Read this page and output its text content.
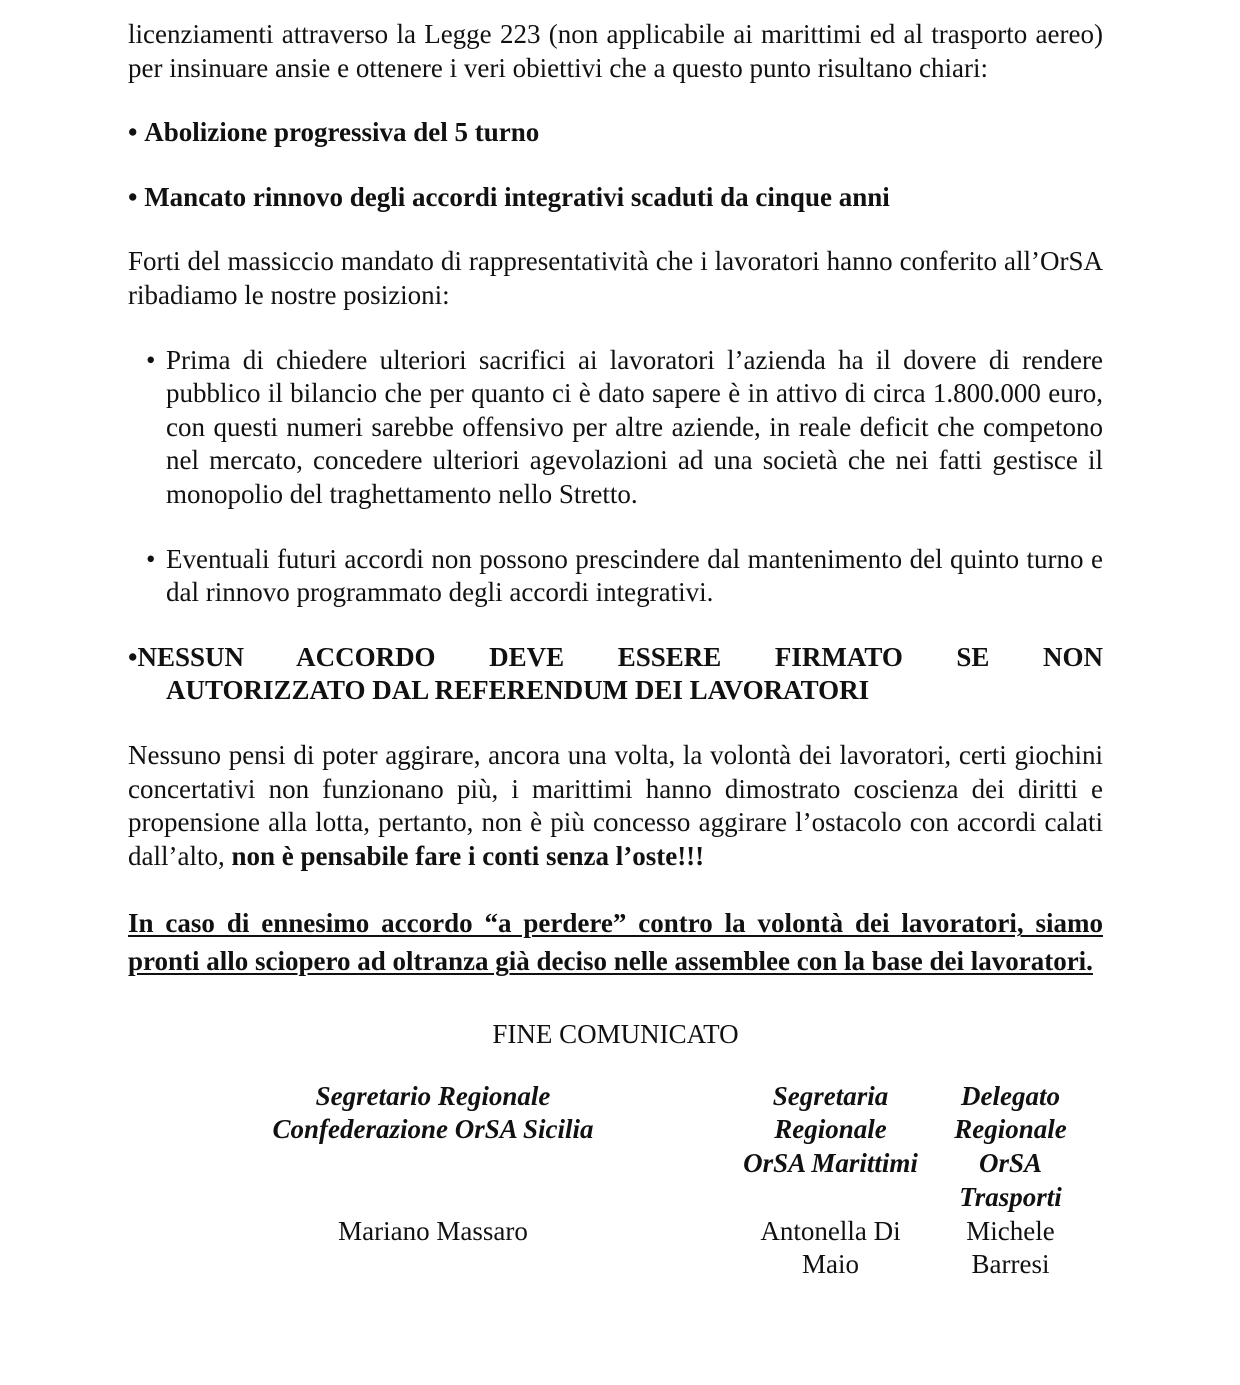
licenziamenti attraverso la Legge 223 (non applicabile ai marittimi ed al trasporto aereo) per insinuare ansie e ottenere i veri obiettivi che a questo punto risultano chiari:

• Abolizione progressiva del 5 turno

• Mancato rinnovo degli accordi integrativi scaduti da cinque anni

Forti del massiccio mandato di rappresentatività che i lavoratori hanno conferito all’OrSA ribadiamo le nostre posizioni:

• Prima di chiedere ulteriori sacrifici ai lavoratori l’azienda ha il dovere di rendere pubblico il bilancio che per quanto ci è dato sapere è in attivo di circa 1.800.000 euro, con questi numeri sarebbe offensivo per altre aziende, in reale deficit che competono nel mercato, concedere ulteriori agevolazioni ad una società che nei fatti gestisce il monopolio del traghettamento nello Stretto.

• Eventuali futuri accordi non possono prescindere dal mantenimento del quinto turno e dal rinnovo programmato degli accordi integrativi.

•NESSUN ACCORDO DEVE ESSERE FIRMATO SE NON

AUTORIZZATO DAL REFERENDUM DEI LAVORATORI

Nessuno pensi di poter aggirare, ancora una volta, la volontà dei lavoratori, certi giochini concertativi non funzionano più, i marittimi hanno dimostrato coscienza dei diritti e propensione alla lotta, pertanto, non è più concesso aggirare l’ostacolo con accordi calati dall’alto, non è pensabile fare i conti senza l’oste!!!

In caso di ennesimo accordo “a perdere” contro la volontà dei lavoratori, siamo pronti allo sciopero ad oltranza già deciso nelle assemblee con la base dei lavoratori.

FINE COMUNICATO

Segretario Regionale
Confederazione OrSA Sicilia
Mariano Massaro
Segretaria
Regionale
OrSA Marittimi
Antonella Di
Maio
Delegato
Regionale
OrSA
Trasporti
Michele
Barresi
